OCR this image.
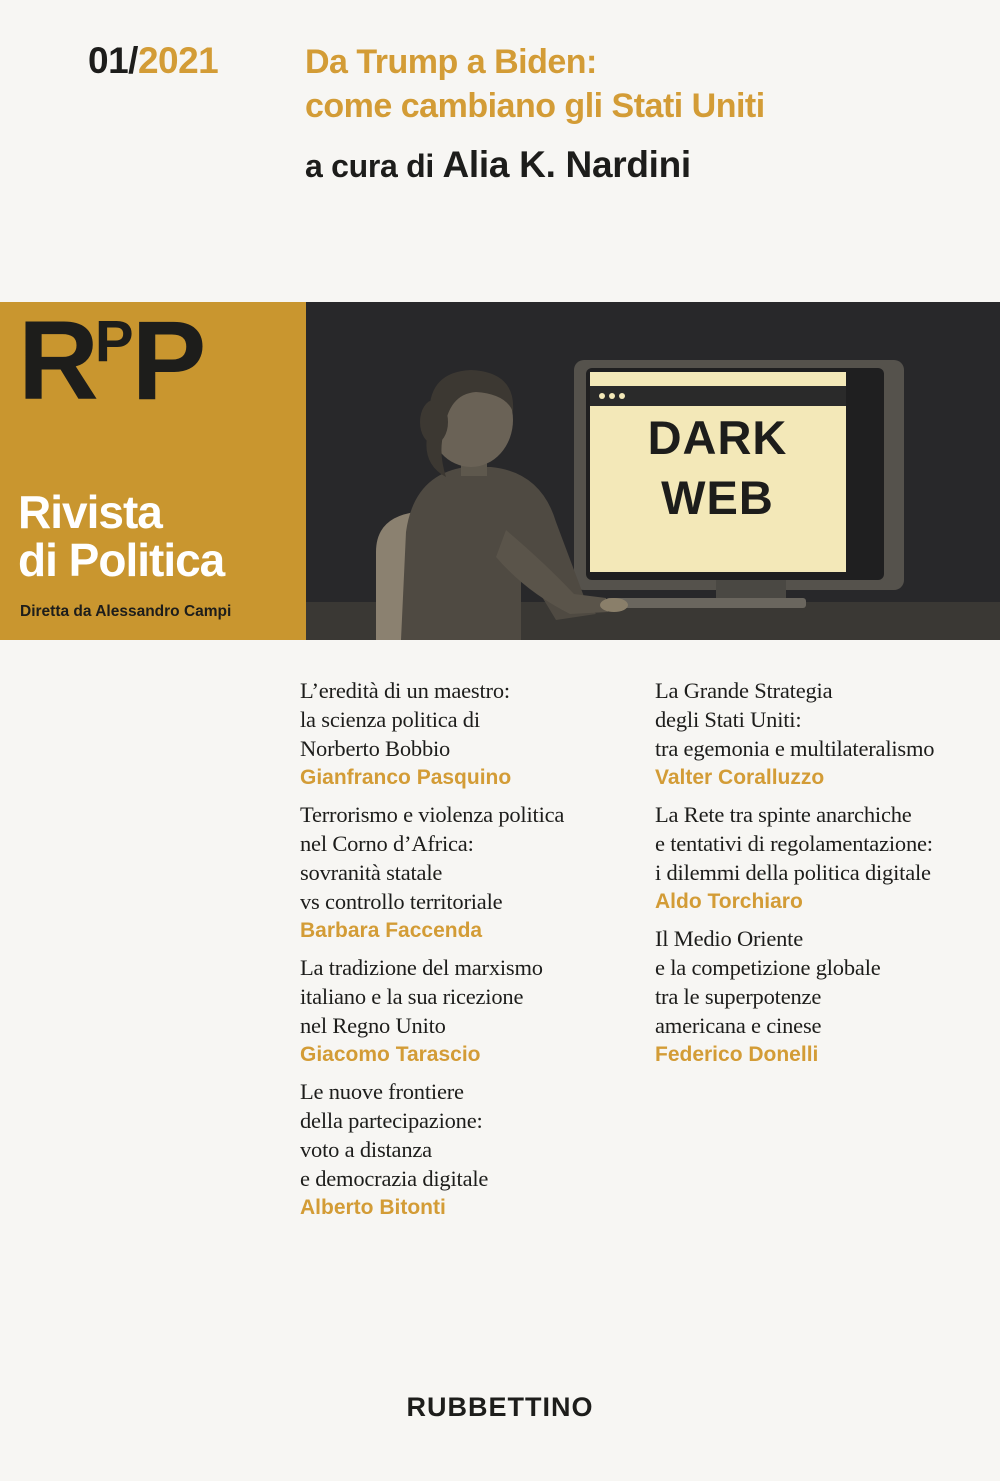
01/2021	Da Trump a Biden:
come cambiano gli Stati Uniti
a cura di Alia K. Nardini
$R^PP$
Rivista
di Politica
Diretta da Alessandro Campi
DARK
WEB
L’eredità di un maestro:
la scienza politica di
Norberto Bobbio
Gianfranco Pasquino
Terrorismo e violenza politica
nel Corno d’Africa:
sovranità statale
vs controllo territoriale
Barbara Faccenda
La tradizione del marxismo
italiano e la sua ricezione
nel Regno Unito
Giacomo Tarascio
Le nuove frontiere
della partecipazione:
voto a distanza
e democrazia digitale
Alberto Bitonti
La Grande Strategia
degli Stati Uniti:
tra egemonia e multilateralismo
Valter Coralluzzo
La Rete tra spinte anarchiche
e tentativi di regolamentazione:
i dilemmi della politica digitale
Aldo Torchiaro
Il Medio Oriente
e la competizione globale
tra le superpotenze
americana e cinese
Federico Donelli
RUBBETTINO
